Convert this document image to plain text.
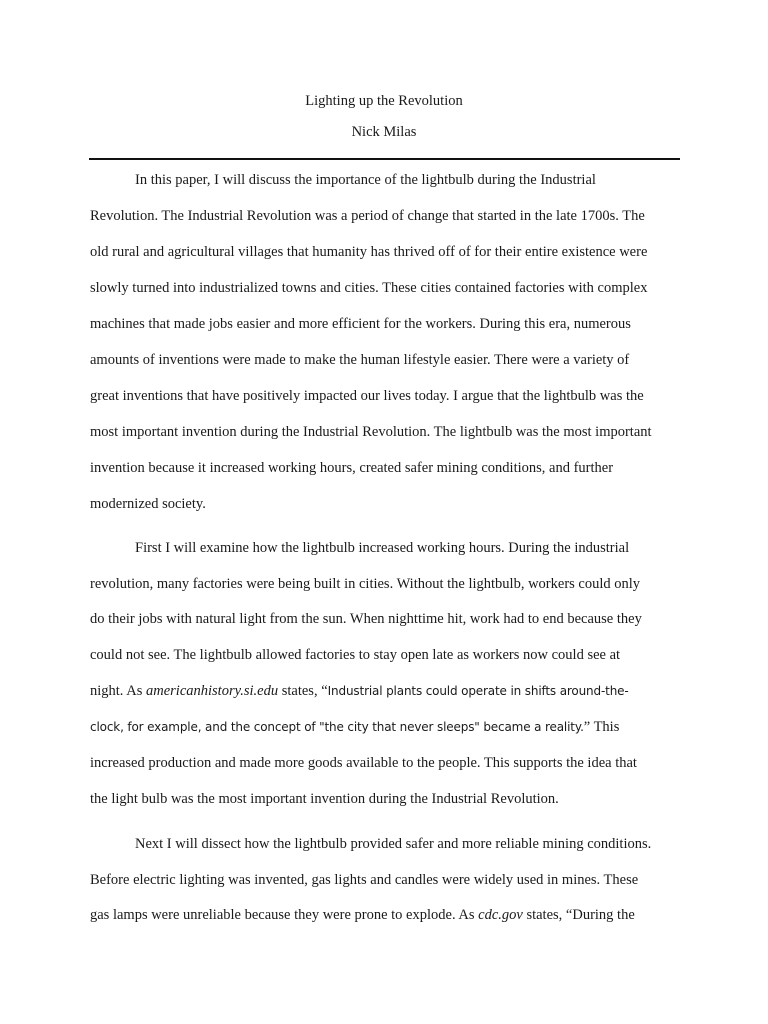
Lighting up the Revolution

Nick Milas

In this paper, I will discuss the importance of the lightbulb during the Industrial
Revolution. The Industrial Revolution was a period of change that started in the late 1700s. The
old rural and agricultural villages that humanity has thrived off of for their entire existence were
slowly turned into industrialized towns and cities. These cities contained factories with complex
machines that made jobs easier and more efficient for the workers. During this era, numerous
amounts of inventions were made to make the human lifestyle easier. There were a variety of
great inventions that have positively impacted our lives today. I argue that the lightbulb was the
most important invention during the Industrial Revolution. The lightbulb was the most important
invention because it increased working hours, created safer mining conditions, and further
modernized society.
First I will examine how the lightbulb increased working hours. During the industrial
revolution, many factories were being built in cities. Without the lightbulb, workers could only
do their jobs with natural light from the sun. When nighttime hit, work had to end because they
could not see. The lightbulb allowed factories to stay open late as workers now could see at
night. As americanhistory.si.edu states, “Industrial plants could operate in shifts around-the-
clock, for example, and the concept of "the city that never sleeps" became a reality.” This
increased production and made more goods available to the people. This supports the idea that
the light bulb was the most important invention during the Industrial Revolution.
Next I will dissect how the lightbulb provided safer and more reliable mining conditions.
Before electric lighting was invented, gas lights and candles were widely used in mines. These
gas lamps were unreliable because they were prone to explode. As cdc.gov states, “During the
